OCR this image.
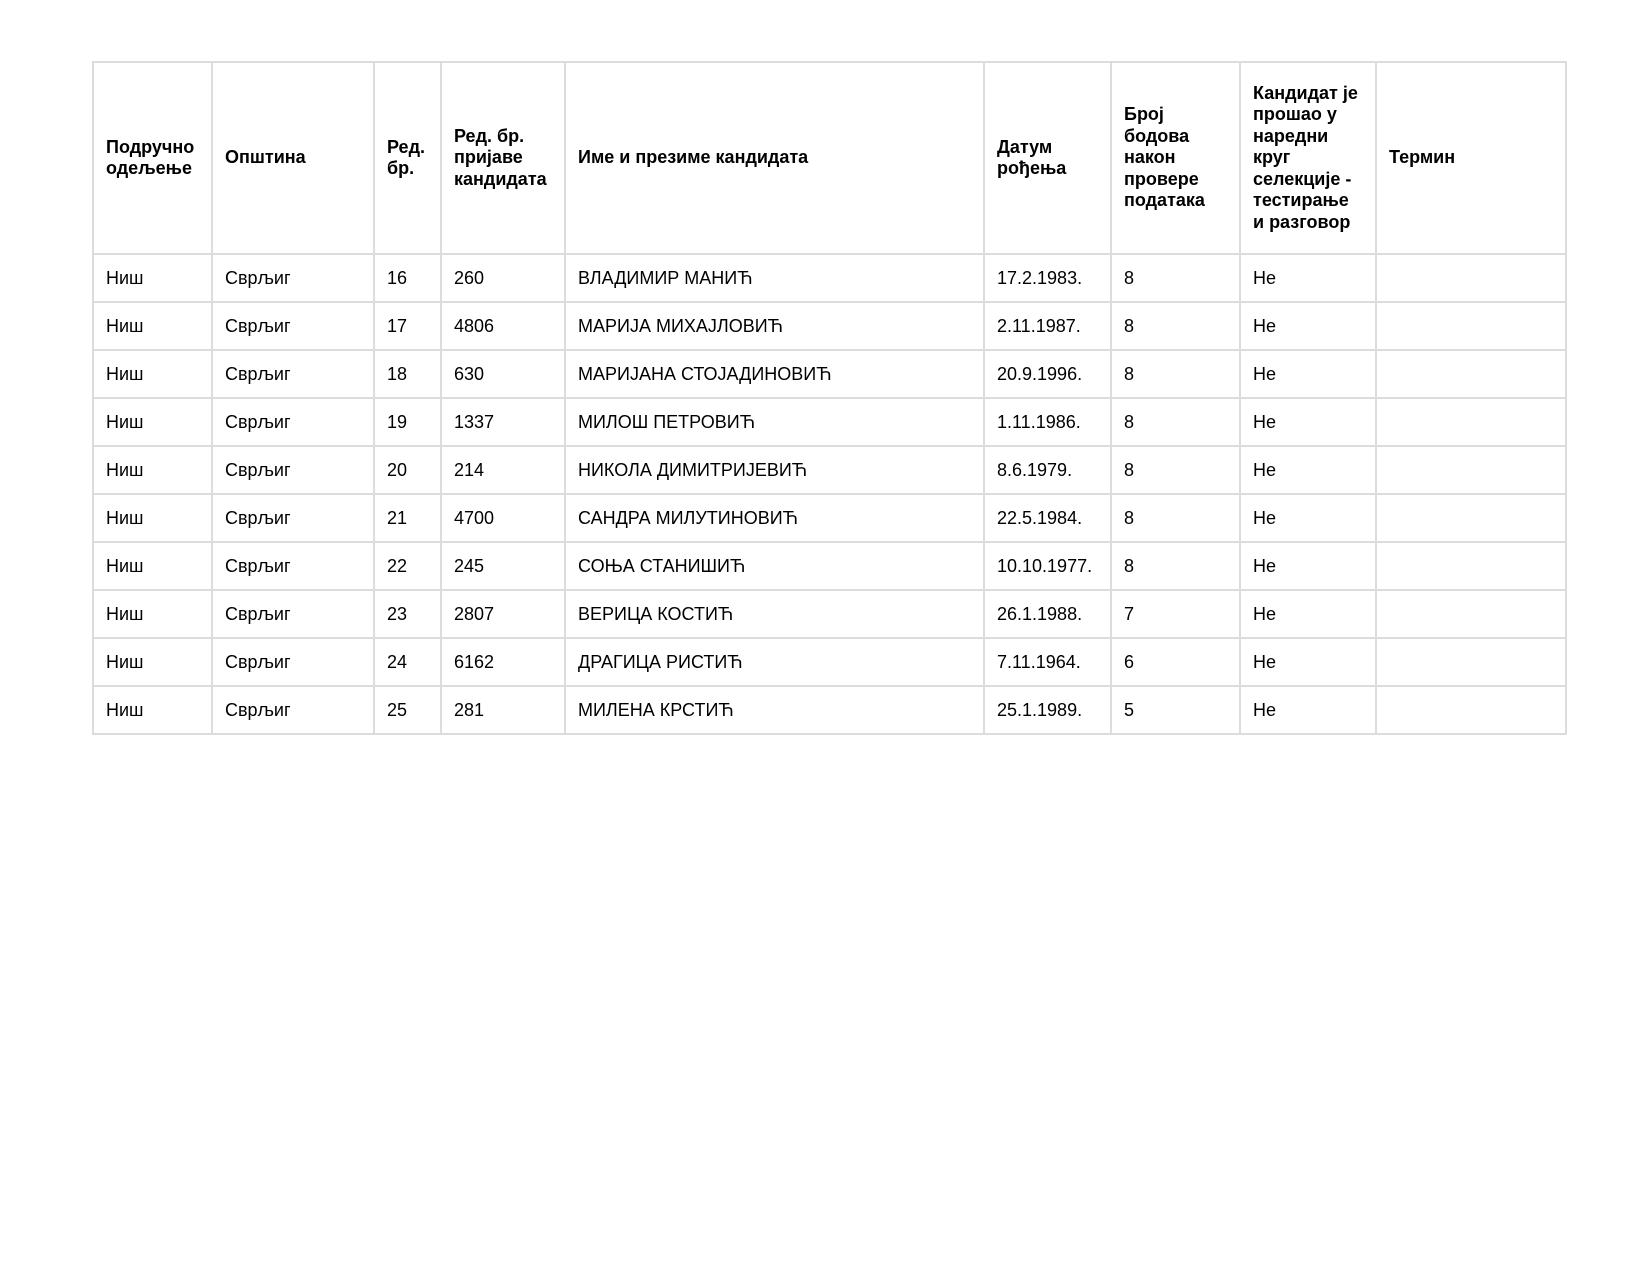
Подручно одељење	Општина	Ред. бр.	Ред. бр. пријаве кандидата	Име и презиме кандидата	Датум рођења	Број бодова након провере података	Кандидат је прошао у наредни круг селекције - тестирање и разговор	Термин
Ниш	Сврљиг	16	260	ВЛАДИМИР МАНИЋ	17.2.1983.	8	Не	
Ниш	Сврљиг	17	4806	МАРИЈА МИХАЈЛОВИЋ	2.11.1987.	8	Не	
Ниш	Сврљиг	18	630	МАРИЈАНА СТОЈАДИНОВИЋ	20.9.1996.	8	Не	
Ниш	Сврљиг	19	1337	МИЛОШ ПЕТРОВИЋ	1.11.1986.	8	Не	
Ниш	Сврљиг	20	214	НИКОЛА ДИМИТРИЈЕВИЋ	8.6.1979.	8	Не	
Ниш	Сврљиг	21	4700	САНДРА МИЛУТИНОВИЋ	22.5.1984.	8	Не	
Ниш	Сврљиг	22	245	СОЊА СТАНИШИЋ	10.10.1977.	8	Не	
Ниш	Сврљиг	23	2807	ВЕРИЦА КОСТИЋ	26.1.1988.	7	Не	
Ниш	Сврљиг	24	6162	ДРАГИЦА РИСТИЋ	7.11.1964.	6	Не	
Ниш	Сврљиг	25	281	МИЛЕНА КРСТИЋ	25.1.1989.	5	Не	
